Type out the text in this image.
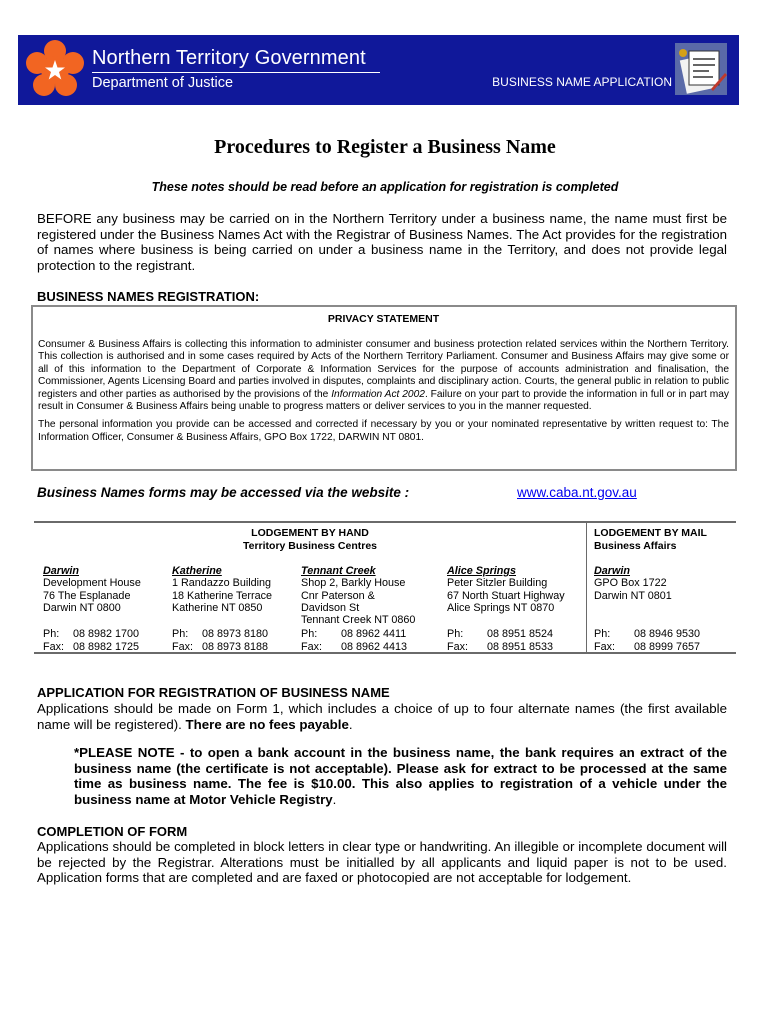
Northern Territory Government
Department of Justice	BUSINESS NAME APPLICATION
Procedures to Register a Business Name
These notes should be read before an application for registration is completed
BEFORE any business may be carried on in the Northern Territory under a business name, the name must first be registered under the Business Names Act with the Registrar of Business Names. The Act provides for the registration of names where business is being carried on under a business name in the Territory, and does not provide legal protection to the registrant.
BUSINESS NAMES REGISTRATION:
PRIVACY STATEMENT

Consumer & Business Affairs is collecting this information to administer consumer and business protection related services within the Northern Territory. This collection is authorised and in some cases required by Acts of the Northern Territory Parliament. Consumer and Business Affairs may give some or all of this information to the Department of Corporate & Information Services for the purpose of accounts administration and finalisation, the Commissioner, Agents Licensing Board and parties involved in disputes, complaints and disciplinary action. Courts, the general public in relation to public registers and other parties as authorised by the provisions of the Information Act 2002. Failure on your part to provide the information in full or in part may result in Consumer & Business Affairs being unable to progress matters or deliver services to you in the manner requested.

The personal information you provide can be accessed and corrected if necessary by you or your nominated representative by written request to: The Information Officer, Consumer & Business Affairs, GPO Box 1722, DARWIN NT 0801.

Business Names forms may be accessed via the website :	www.caba.nt.gov.au
LODGEMENT BY HAND
Territory Business Centres
LODGEMENT BY MAIL
Business Affairs
Darwin
Development House
76 The Esplanade
Darwin NT 0800
Ph: 08 8982 1700
Fax: 08 8982 1725
Katherine
1 Randazzo Building
18 Katherine Terrace
Katherine NT 0850
Ph: 08 8973 8180
Fax: 08 8973 8188
Tennant Creek
Shop 2, Barkly House
Cnr Paterson &
Davidson St
Tennant Creek NT 0860
Ph: 08 8962 4411
Fax: 08 8962 4413
Alice Springs
Peter Sitzler Building
67 North Stuart Highway
Alice Springs NT 0870
Ph: 08 8951 8524
Fax: 08 8951 8533
Darwin
GPO Box 1722
Darwin NT 0801
Ph: 08 8946 9530
Fax: 08 8999 7657
APPLICATION FOR REGISTRATION OF BUSINESS NAME
Applications should be made on Form 1, which includes a choice of up to four alternate names (the first available name will be registered). There are no fees payable.
*PLEASE NOTE - to open a bank account in the business name, the bank requires an extract of the business name (the certificate is not acceptable). Please ask for extract to be processed at the same time as business name. The fee is $10.00. This also applies to registration of a vehicle under the business name at Motor Vehicle Registry.
COMPLETION OF FORM
Applications should be completed in block letters in clear type or handwriting. An illegible or incomplete document will be rejected by the Registrar. Alterations must be initialled by all applicants and liquid paper is not to be used. Application forms that are completed and are faxed or photocopied are not acceptable for lodgement.
